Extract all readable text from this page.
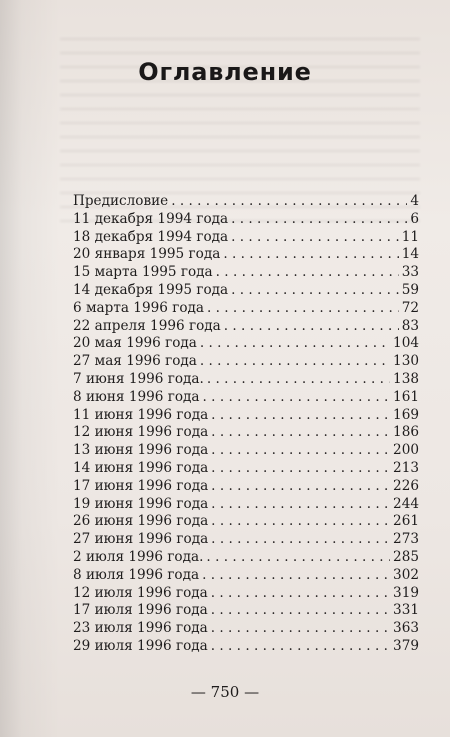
Оглавление
Предисловие . . .	4
11 декабря 1994 года . . .	6
18 декабря 1994 года . . .	11
20 января 1995 года . . .	14
15 марта 1995 года . . .	33
14 декабря 1995 года . . .	59
6 марта 1996 года . . .	72
22 апреля 1996 года . . .	83
20 мая 1996 года . . .	104
27 мая 1996 года . . .	130
7 июня 1996 года. . . .	138
8 июня 1996 года . . .	161
11 июня 1996 года . . .	169
12 июня 1996 года . . .	186
13 июня 1996 года . . .	200
14 июня 1996 года . . .	213
17 июня 1996 года . . .	226
19 июня 1996 года . . .	244
26 июня 1996 года . . .	261
27 июня 1996 года . . .	273
2 июля 1996 года. . . .	285
8 июля 1996 года . . .	302
12 июля 1996 года . . .	319
17 июля 1996 года . . .	331
23 июля 1996 года . . .	363
29 июля 1996 года . . .	379

— 750 —
